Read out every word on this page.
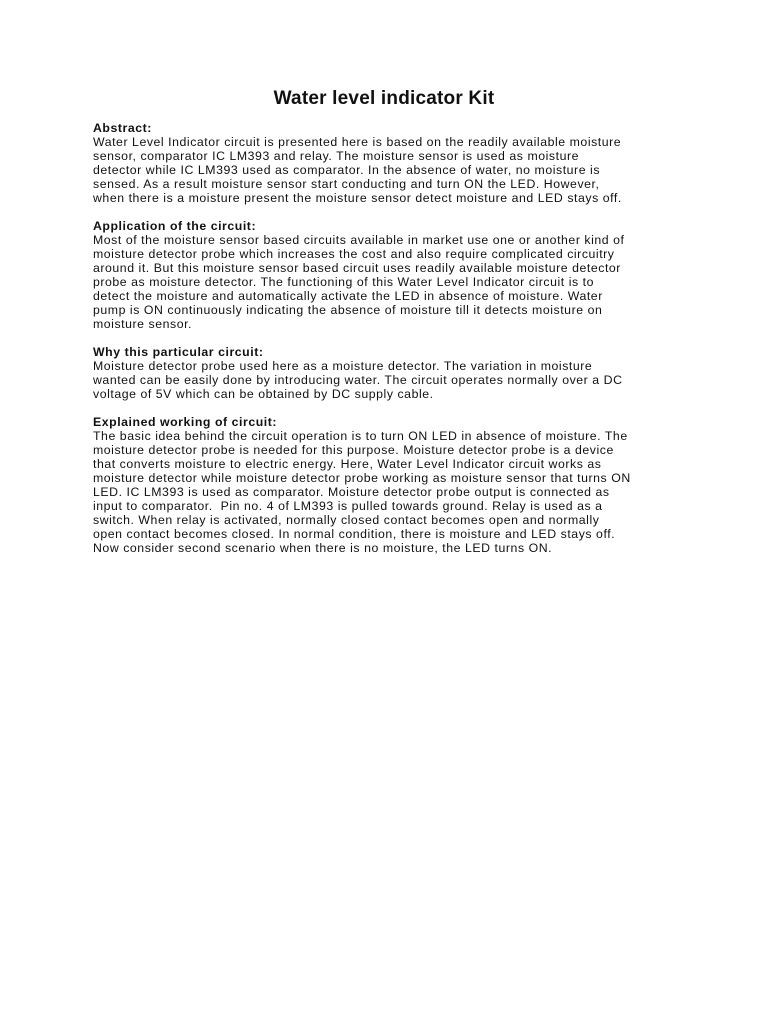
Water level indicator Kit

Abstract:

Water Level Indicator circuit is presented here is based on the readily available moisture

sensor, comparator IC LM393 and relay. The moisture sensor is used as moisture

detector while IC LM393 used as comparator. In the absence of water, no moisture is

sensed. As a result moisture sensor start conducting and turn ON the LED. However,

when there is a moisture present the moisture sensor detect moisture and LED stays off.

Application of the circuit:

Most of the moisture sensor based circuits available in market use one or another kind of

moisture detector probe which increases the cost and also require complicated circuitry

around it. But this moisture sensor based circuit uses readily available moisture detector

probe as moisture detector. The functioning of this Water Level Indicator circuit is to

detect the moisture and automatically activate the LED in absence of moisture. Water

pump is ON continuously indicating the absence of moisture till it detects moisture on

moisture sensor.

Why this particular circuit:

Moisture detector probe used here as a moisture detector. The variation in moisture

wanted can be easily done by introducing water. The circuit operates normally over a DC

voltage of 5V which can be obtained by DC supply cable.

Explained working of circuit:

The basic idea behind the circuit operation is to turn ON LED in absence of moisture. The

moisture detector probe is needed for this purpose. Moisture detector probe is a device

that converts moisture to electric energy. Here, Water Level Indicator circuit works as

moisture detector while moisture detector probe working as moisture sensor that turns ON

LED. IC LM393 is used as comparator. Moisture detector probe output is connected as

input to comparator.  Pin no. 4 of LM393 is pulled towards ground. Relay is used as a

switch. When relay is activated, normally closed contact becomes open and normally

open contact becomes closed. In normal condition, there is moisture and LED stays off.

Now consider second scenario when there is no moisture, the LED turns ON.
